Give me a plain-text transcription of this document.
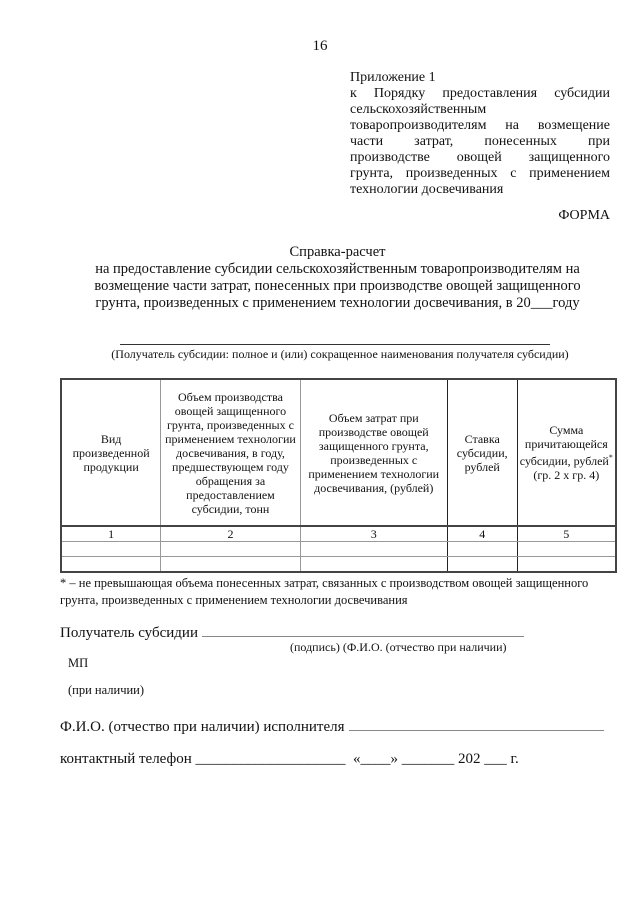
16
Приложение 1
к Порядку предоставления субсидии
сельскохозяйственным
товаропроизводителям на возмещение
части затрат, понесенных при
производстве овощей защищенного
грунта, произведенных с применением
технологии досвечивания
ФОРМА
Справка-расчет
на предоставление субсидии сельскохозяйственным товаропроизводителям на
возмещение части затрат, понесенных при производстве овощей защищенного
грунта, произведенных с применением технологии досвечивания, в 20___году
(Получатель субсидии: полное и (или) сокращенное наименования получателя субсидии)
Вид произведенной продукции	Объем производства овощей защищенного грунта, произведенных с применением технологии досвечивания, в году, предшествующем году обращения за предоставлением субсидии, тонн	Объем затрат при производстве овощей защищенного грунта, произведенных с применением технологии досвечивания, (рублей)	Ставка субсидии, рублей	Сумма причитающейся субсидии, рублей*
(гр. 2 х гр. 4)
1	2	3	4	5

* – не превышающая объема понесенных затрат, связанных с производством овощей защищенного грунта, произведенных с применением технологии досвечивания
Получатель субсидии
(подпись) (Ф.И.О. (отчество при наличии)
МП
(при наличии)
Ф.И.О. (отчество при наличии) исполнителя
контактный телефон ____________________  «____» _______ 202 ___ г.
